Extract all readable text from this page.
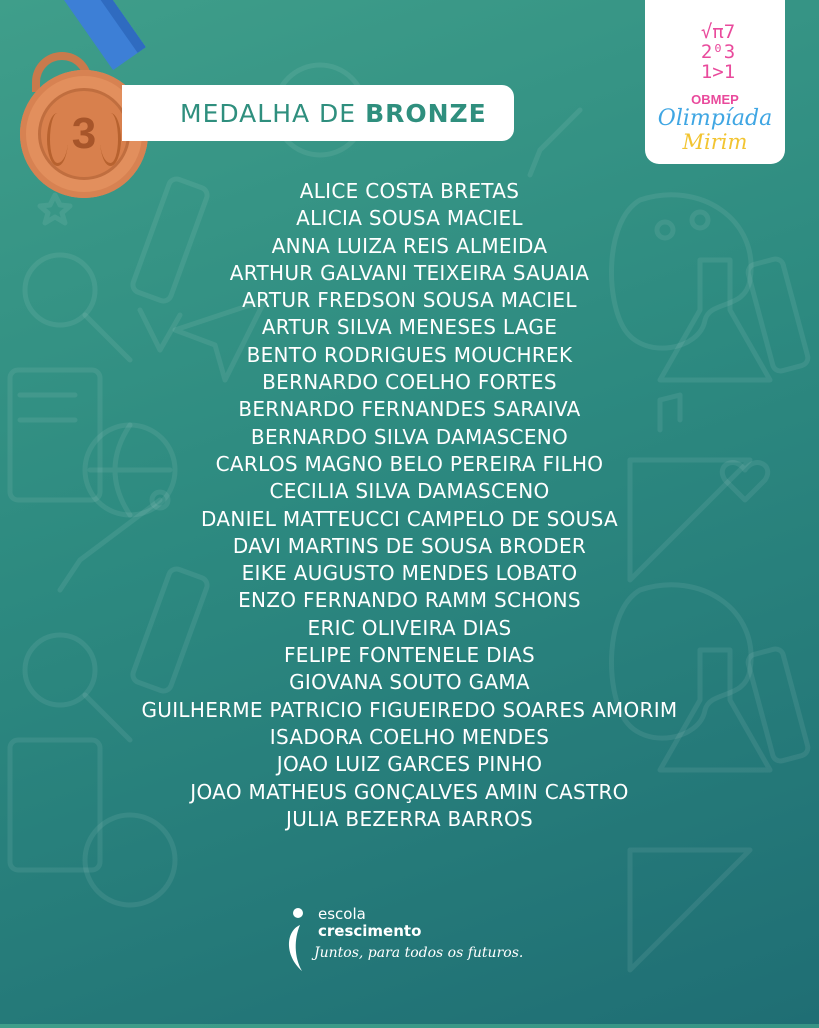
3	MEDALHA DE BRONZE
√π7
2⁰3
1>1
OBMEP
Olimpíada
Mirim
ALICE COSTA BRETAS
ALICIA SOUSA MACIEL
ANNA LUIZA REIS ALMEIDA
ARTHUR GALVANI TEIXEIRA SAUAIA
ARTUR FREDSON SOUSA MACIEL
ARTUR SILVA MENESES LAGE
BENTO RODRIGUES MOUCHREK
BERNARDO COELHO FORTES
BERNARDO FERNANDES SARAIVA
BERNARDO SILVA DAMASCENO
CARLOS MAGNO BELO PEREIRA FILHO
CECILIA SILVA DAMASCENO
DANIEL MATTEUCCI CAMPELO DE SOUSA
DAVI MARTINS DE SOUSA BRODER
EIKE AUGUSTO MENDES LOBATO
ENZO FERNANDO RAMM SCHONS
ERIC OLIVEIRA DIAS
FELIPE FONTENELE DIAS
GIOVANA SOUTO GAMA
GUILHERME PATRICIO FIGUEIREDO SOARES AMORIM
ISADORA COELHO MENDES
JOAO LUIZ GARCES PINHO
JOAO MATHEUS GONÇALVES AMIN CASTRO
JULIA BEZERRA BARROS
escola
crescimento
Juntos, para todos os futuros.
